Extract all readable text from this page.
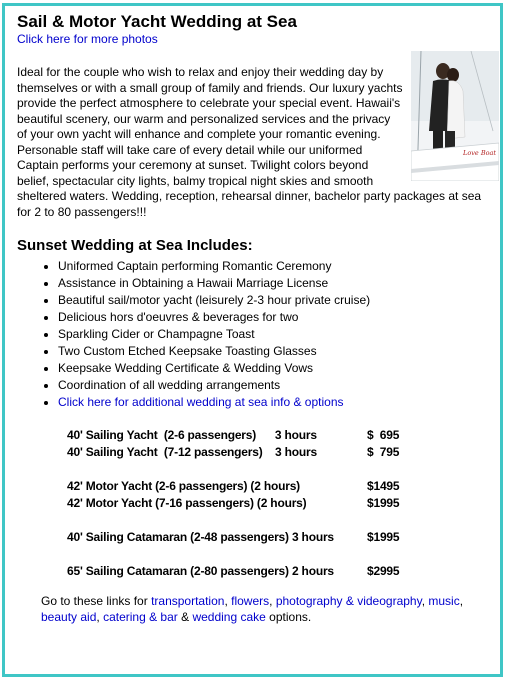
Sail & Motor Yacht Wedding at Sea
Click here for more photos
Love Boat
Ideal for the couple who wish to relax and enjoy their wedding day by themselves or with a small group of family and friends. Our luxury yachts provide the perfect atmosphere to celebrate your special event. Hawaii's beautiful scenery, our warm and personalized services and the privacy of your own yacht will enhance and complete your romantic evening. Personable staff will take care of every detail while our uniformed Captain performs your ceremony at sunset. Twilight colors beyond belief, spectacular city lights, balmy tropical night skies and smooth sheltered waters. Wedding, reception, rehearsal dinner, bachelor party packages at sea for 2 to 80 passengers!!!
Sunset Wedding at Sea Includes:
• Uniformed Captain performing Romantic Ceremony
• Assistance in Obtaining a Hawaii Marriage License
• Beautiful sail/motor yacht (leisurely 2-3 hour private cruise)
• Delicious hors d'oeuvres & beverages for two
• Sparkling Cider or Champagne Toast
• Two Custom Etched Keepsake Toasting Glasses
• Keepsake Wedding Certificate & Wedding Vows
• Coordination of all wedding arrangements
• Click here for additional wedding at sea info & options
40' Sailing Yacht  (2-6 passengers)      3 hours	$  695
40' Sailing Yacht  (7-12 passengers)    3 hours	$  795
42' Motor Yacht (2-6 passengers) (2 hours)	$1495
42' Motor Yacht (7-16 passengers) (2 hours)	$1995
40' Sailing Catamaran (2-48 passengers) 3 hours	$1995
65' Sailing Catamaran (2-80 passengers) 2 hours	$2995
Go to these links for transportation, flowers, photography & videography, music, beauty aid, catering & bar & wedding cake options.
